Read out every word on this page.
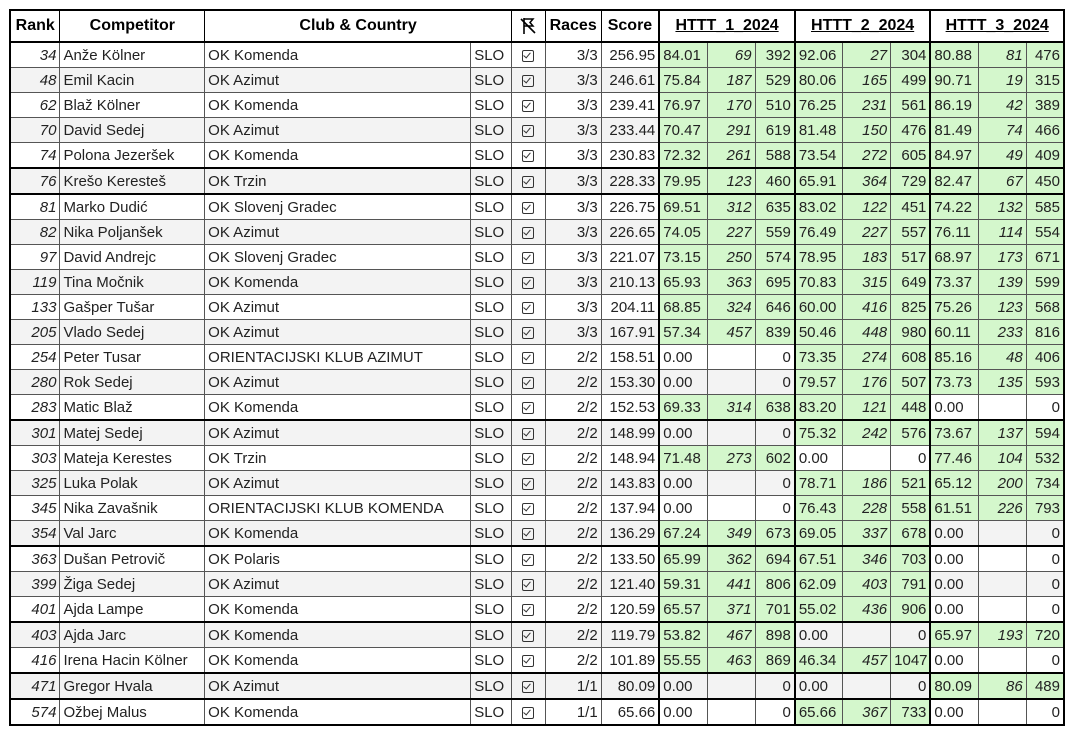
Rank	Competitor	Club & Country			Races	Score	HTTT_1_2024			HTTT_2_2024			HTTT_3_2024		
34	Anže Kölner	OK Komenda	SLO		3/3	256.95	84.01	69	392	92.06	27	304	80.88	81	476
48	Emil Kacin	OK Azimut	SLO		3/3	246.61	75.84	187	529	80.06	165	499	90.71	19	315
62	Blaž Kölner	OK Komenda	SLO		3/3	239.41	76.97	170	510	76.25	231	561	86.19	42	389
70	David Sedej	OK Azimut	SLO		3/3	233.44	70.47	291	619	81.48	150	476	81.49	74	466
74	Polona Jezeršek	OK Komenda	SLO		3/3	230.83	72.32	261	588	73.54	272	605	84.97	49	409
76	Krešo Keresteš	OK Trzin	SLO		3/3	228.33	79.95	123	460	65.91	364	729	82.47	67	450
81	Marko Dudić	OK Slovenj Gradec	SLO		3/3	226.75	69.51	312	635	83.02	122	451	74.22	132	585
82	Nika Poljanšek	OK Azimut	SLO		3/3	226.65	74.05	227	559	76.49	227	557	76.11	114	554
97	David Andrejc	OK Slovenj Gradec	SLO		3/3	221.07	73.15	250	574	78.95	183	517	68.97	173	671
119	Tina Močnik	OK Komenda	SLO		3/3	210.13	65.93	363	695	70.83	315	649	73.37	139	599
133	Gašper Tušar	OK Azimut	SLO		3/3	204.11	68.85	324	646	60.00	416	825	75.26	123	568
205	Vlado Sedej	OK Azimut	SLO		3/3	167.91	57.34	457	839	50.46	448	980	60.11	233	816
254	Peter Tusar	ORIENTACIJSKI KLUB AZIMUT	SLO		2/2	158.51	0.00		0	73.35	274	608	85.16	48	406
280	Rok Sedej	OK Azimut	SLO		2/2	153.30	0.00		0	79.57	176	507	73.73	135	593
283	Matic Blaž	OK Komenda	SLO		2/2	152.53	69.33	314	638	83.20	121	448	0.00		0
301	Matej Sedej	OK Azimut	SLO		2/2	148.99	0.00		0	75.32	242	576	73.67	137	594
303	Mateja Kerestes	OK Trzin	SLO		2/2	148.94	71.48	273	602	0.00		0	77.46	104	532
325	Luka Polak	OK Azimut	SLO		2/2	143.83	0.00		0	78.71	186	521	65.12	200	734
345	Nika Zavašnik	ORIENTACIJSKI KLUB KOMENDA	SLO		2/2	137.94	0.00		0	76.43	228	558	61.51	226	793
354	Val Jarc	OK Komenda	SLO		2/2	136.29	67.24	349	673	69.05	337	678	0.00		0
363	Dušan Petrovič	OK Polaris	SLO		2/2	133.50	65.99	362	694	67.51	346	703	0.00		0
399	Žiga Sedej	OK Azimut	SLO		2/2	121.40	59.31	441	806	62.09	403	791	0.00		0
401	Ajda Lampe	OK Komenda	SLO		2/2	120.59	65.57	371	701	55.02	436	906	0.00		0
403	Ajda Jarc	OK Komenda	SLO		2/2	119.79	53.82	467	898	0.00		0	65.97	193	720
416	Irena Hacin Kölner	OK Komenda	SLO		2/2	101.89	55.55	463	869	46.34	457	1047	0.00		0
471	Gregor Hvala	OK Azimut	SLO		1/1	80.09	0.00		0	0.00		0	80.09	86	489
574	Ožbej Malus	OK Komenda	SLO		1/1	65.66	0.00		0	65.66	367	733	0.00		0
